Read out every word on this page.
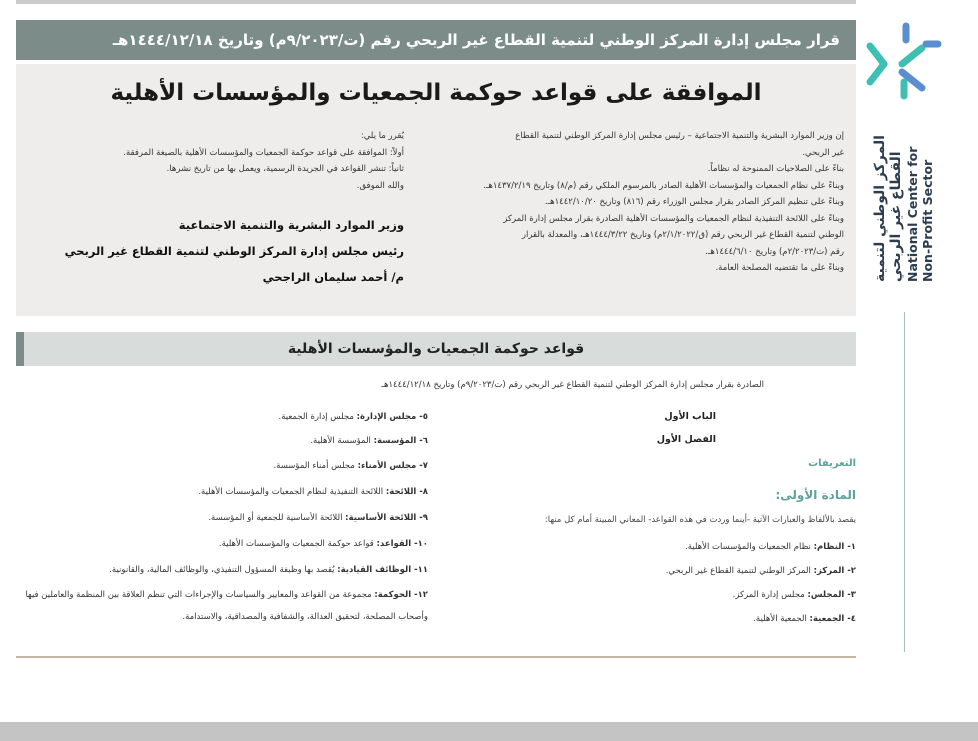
قرار مجلس إدارة المركز الوطني لتنمية القطاع غير الربحي رقم (ت/٩/٢٠٢٣م) وتاريخ ١٤٤٤/١٢/١٨هـ
الموافقة على قواعد حوكمة الجمعيات والمؤسسات الأهلية
إن وزير الموارد البشرية والتنمية الاجتماعية – رئيس مجلس إدارة المركز الوطني لتنمية القطاع
غير الربحي.
بناءً على الصلاحيات الممنوحة له نظاماً.
وبناءً على نظام الجمعيات والمؤسسات الأهلية الصادر بالمرسوم الملكي رقم (م/٨) وتاريخ ١٤٣٧/٢/١٩هـ.
وبناءً على تنظيم المركز الصادر بقرار مجلس الوزراء رقم (٨١٦) وتاريخ ١٤٤٢/١٠/٢٠هـ.
وبناءً على اللائحة التنفيذية لنظام الجمعيات والمؤسسات الأهلية الصادرة بقرار مجلس إدارة المركز
الوطني لتنمية القطاع غير الربحي رقم (ق/٢/١/٢٠٢٢م) وتاريخ ١٤٤٤/٣/٢٢هـ، والمعدلة بالقرار
رقم (ت/٢/٢٠٢٣م) وتاريخ ١٤٤٤/٦/١٠هـ.
وبناءً على ما تقتضيه المصلحة العامة.
يُقرر ما يلي:
أولاً: الموافقة على قواعد حوكمة الجمعيات والمؤسسات الأهلية بالصيغة المرفقة.
ثانياً: تنشر القواعد في الجريدة الرسمية، ويعمل بها من تاريخ نشرها.
والله الموفق.
وزير الموارد البشرية والتنمية الاجتماعية
رئيس مجلس إدارة المركز الوطني لتنمية القطاع غير الربحي
م/ أحمد سليمان الراجحي	المركز الوطني لتنمية القطاع غير الربحي National Center for Non-Profit Sector
قواعد حوكمة الجمعيات والمؤسسات الأهلية
الصادرة بقرار مجلس إدارة المركز الوطني لتنمية القطاع غير الربحي رقم (ت/٩/٢٠٢٣م) وتاريخ ١٤٤٤/١٢/١٨هـ
الباب الأول
الفصل الأول
التعريفات
المادة الأولى:
يقصد بالألفاظ والعبارات الآتية -أينما وردت في هذه القواعد- المعاني المبينة أمام كل منها:
١- النظام: نظام الجمعيات والمؤسسات الأهلية.
٢- المركز: المركز الوطني لتنمية القطاع غير الربحي.
٣- المجلس: مجلس إدارة المركز.
٤- الجمعية: الجمعية الأهلية.
٥- مجلس الإدارة: مجلس إدارة الجمعية.
٦- المؤسسة: المؤسسة الأهلية.
٧- مجلس الأمناء: مجلس أمناء المؤسسة.
٨- اللائحة: اللائحة التنفيذية لنظام الجمعيات والمؤسسات الأهلية.
٩- اللائحة الأساسية: اللائحة الأساسية للجمعية أو المؤسسة.
١٠- القواعد: قواعد حوكمة الجمعيات والمؤسسات الأهلية.
١١- الوظائف القيادية: يُقصد بها وظيفة المسؤول التنفيذي، والوظائف المالية، والقانونية.
١٢- الحوكمة: مجموعة من القواعد والمعايير والسياسات والإجراءات التي تنظم العلاقة بين المنظمة والعاملين فيها وأصحاب المصلحة، لتحقيق العدالة، والشفافية والمصداقية، والاستدامة.
